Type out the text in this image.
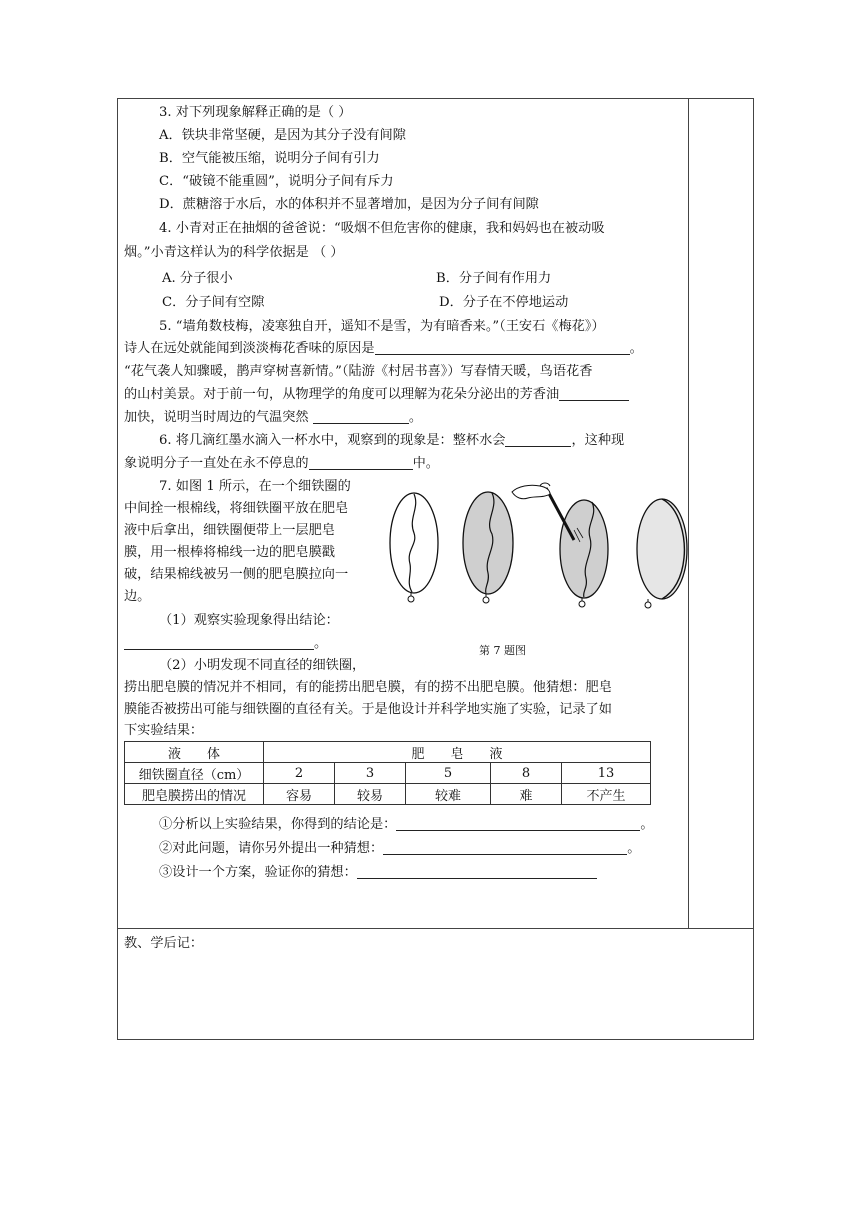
3. 对下列现象解释正确的是（ ）
A．铁块非常坚硬，是因为其分子没有间隙
B．空气能被压缩，说明分子间有引力
C．“破镜不能重圆”，说明分子间有斥力
D．蔗糖溶于水后，水的体积并不显著增加，是因为分子间有间隙
4. 小青对正在抽烟的爸爸说：“吸烟不但危害你的健康，我和妈妈也在被动吸
烟。”小青这样认为的科学依据是 （ ）
A. 分子很小	B．分子间有作用力
C．分子间有空隙	D．分子在不停地运动
5. “墙角数枝梅，凌寒独自开，遥知不是雪，为有暗香来。”（王安石《梅花》）
诗人在远处就能闻到淡淡梅花香味的原因是	。
“花气袭人知骤暖，鹊声穿树喜新情。”（陆游《村居书喜》）写春情天暖，鸟语花香
的山村美景。对于前一句，从物理学的角度可以理解为花朵分泌出的芳香油
加快，说明当时周边的气温突然	。
6. 将几滴红墨水滴入一杯水中，观察到的现象是：整杯水会	，这种现
象说明分子一直处在永不停息的	中。
7. 如图 1 所示，在一个细铁圈的
中间拴一根棉线，将细铁圈平放在肥皂
液中后拿出，细铁圈便带上一层肥皂
膜，用一根棒将棉线一边的肥皂膜戳
破，结果棉线被另一侧的肥皂膜拉向一
边。
（1）观察实验现象得出结论：
。	第 7 题图
（2）小明发现不同直径的细铁圈，
捞出肥皂膜的情况并不相同，有的能捞出肥皂膜，有的捞不出肥皂膜。他猜想：肥皂
膜能否被捞出可能与细铁圈的直径有关。于是他设计并科学地实施了实验，记录了如
下实验结果：
液　　体	肥　　皂　　液				
细铁圈直径（cm）	2	3	5	8	13
肥皂膜捞出的情况	容易	较易	较难	难	不产生
①分析以上实验结果，你得到的结论是：	。
②对此问题，请你另外提出一种猜想：	。
③设计一个方案，验证你的猜想：
教、学后记：
